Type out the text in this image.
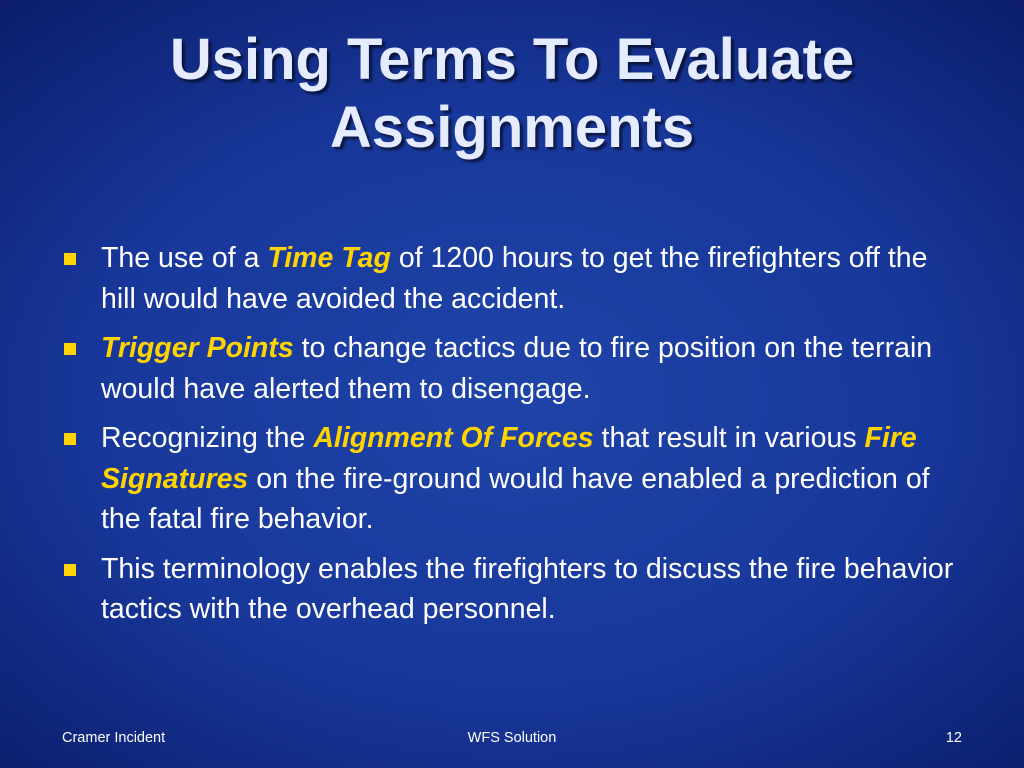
Using Terms To Evaluate
Assignments
The use of a Time Tag of 1200 hours to get the firefighters off the hill would have avoided the accident.
Trigger Points to change tactics due to fire position on the terrain would have alerted them to disengage.
Recognizing the Alignment Of Forces that result in various Fire Signatures on the fire-ground would have enabled a prediction of the fatal fire behavior.
This terminology enables the firefighters to discuss the fire behavior tactics with the overhead personnel.
Cramer Incident	WFS Solution	12
